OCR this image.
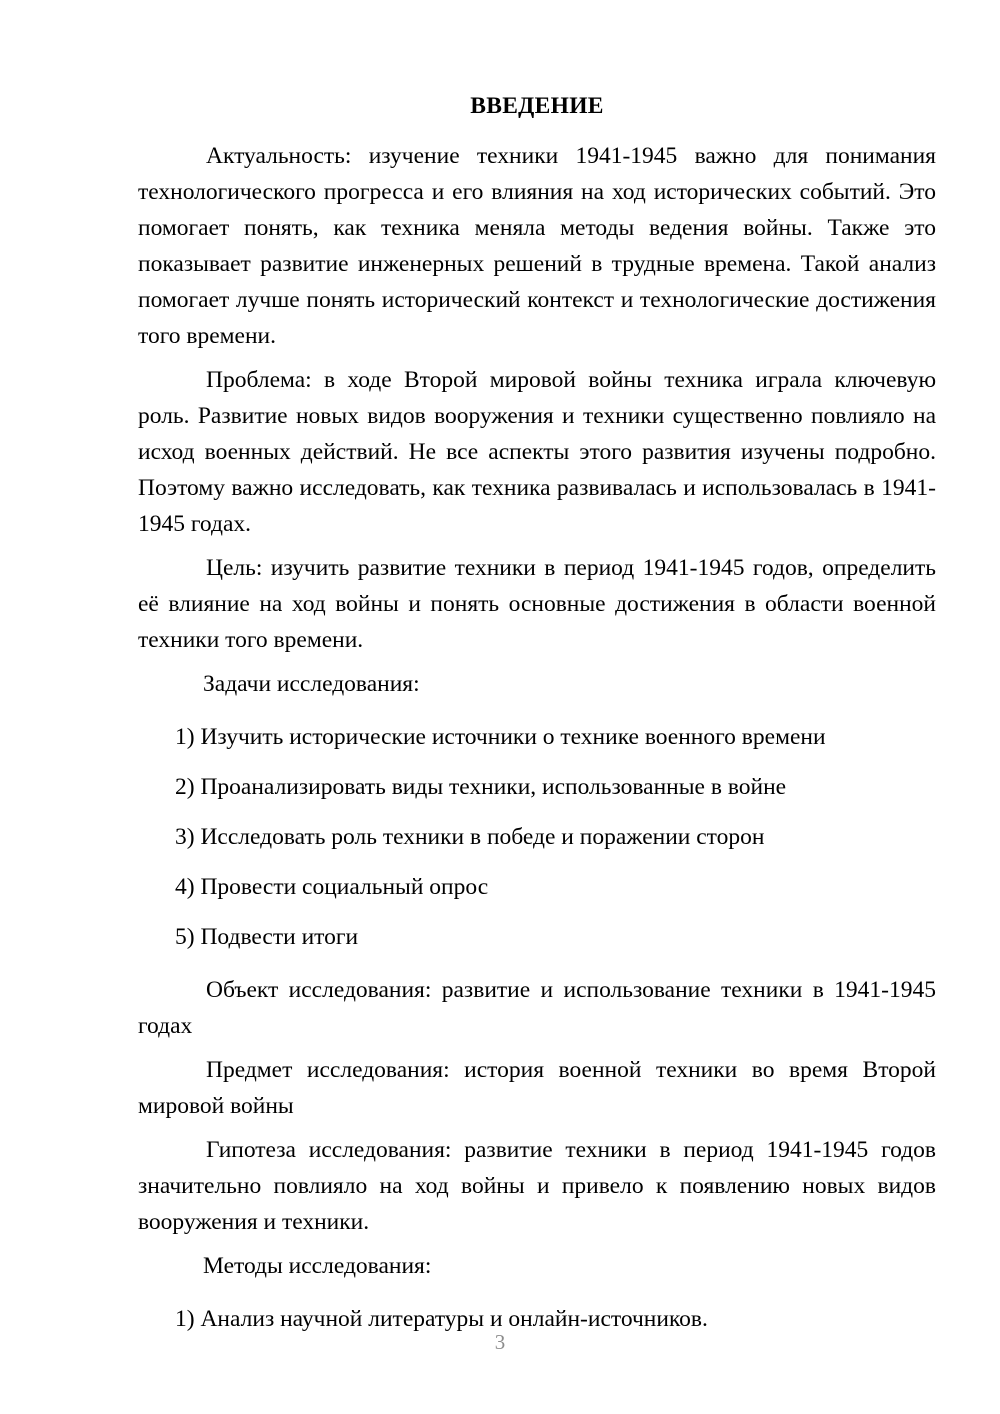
ВВЕДЕНИЕ

Актуальность: изучение техники 1941-1945 важно для понимания технологического прогресса и его влияния на ход исторических событий. Это помогает понять, как техника меняла методы ведения войны. Также это показывает развитие инженерных решений в трудные времена. Такой анализ помогает лучше понять исторический контекст и технологические достижения того времени.

Проблема: в ходе Второй мировой войны техника играла ключевую роль. Развитие новых видов вооружения и техники существенно повлияло на исход военных действий. Не все аспекты этого развития изучены подробно. Поэтому важно исследовать, как техника развивалась и использовалась в 1941-1945 годах.

Цель: изучить развитие техники в период 1941-1945 годов, определить её влияние на ход войны и понять основные достижения в области военной техники того времени.

Задачи исследования:

1) Изучить исторические источники о технике военного времени
2) Проанализировать виды техники, использованные в войне
3) Исследовать роль техники в победе и поражении сторон
4) Провести социальный опрос
5) Подвести итоги

Объект исследования: развитие и использование техники в 1941-1945 годах

Предмет исследования: история военной техники во время Второй мировой войны

Гипотеза исследования: развитие техники в период 1941-1945 годов значительно повлияло на ход войны и привело к появлению новых видов вооружения и техники.

Методы исследования:

1) Анализ научной литературы и онлайн-источников.
3
